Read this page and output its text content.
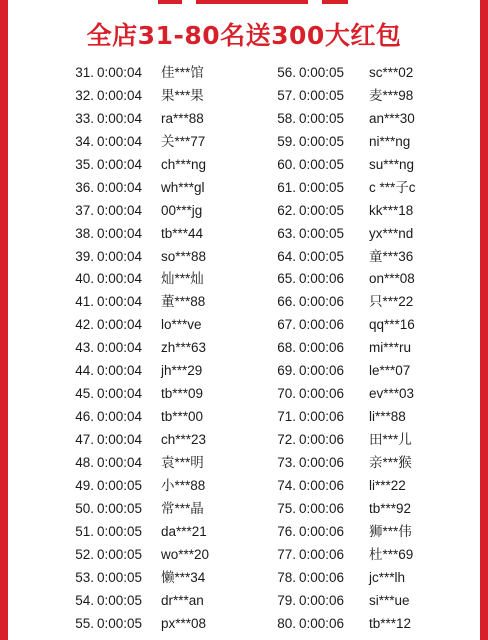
全店31-80名送300大红包
31. 0:00:04 佳***馆
32. 0:00:04 果***果
33. 0:00:04 ra***88
34. 0:00:04 关***77
35. 0:00:04 ch***ng
36. 0:00:04 wh***gl
37. 0:00:04 00***jg
38. 0:00:04 tb***44
39. 0:00:04 so***88
40. 0:00:04 灿***灿
41. 0:00:04 董***88
42. 0:00:04 lo***ve
43. 0:00:04 zh***63
44. 0:00:04 jh***29
45. 0:00:04 tb***09
46. 0:00:04 tb***00
47. 0:00:04 ch***23
48. 0:00:04 袁***明
49. 0:00:05 小***88
50. 0:00:05 常***晶
51. 0:00:05 da***21
52. 0:00:05 wo***20
53. 0:00:05 懒***34
54. 0:00:05 dr***an
55. 0:00:05 px***08
56. 0:00:05 sc***02
57. 0:00:05 麦***98
58. 0:00:05 an***30
59. 0:00:05 ni***ng
60. 0:00:05 su***ng
61. 0:00:05 c ***子c
62. 0:00:05 kk***18
63. 0:00:05 yx***nd
64. 0:00:05 童***36
65. 0:00:06 on***08
66. 0:00:06 只***22
67. 0:00:06 qq***16
68. 0:00:06 mi***ru
69. 0:00:06 le***07
70. 0:00:06 ev***03
71. 0:00:06 li***88
72. 0:00:06 田***儿
73. 0:00:06 亲***猴
74. 0:00:06 li***22
75. 0:00:06 tb***92
76. 0:00:06 狮***伟
77. 0:00:06 杜***69
78. 0:00:06 jc***lh
79. 0:00:06 si***ue
80. 0:00:06 tb***12
